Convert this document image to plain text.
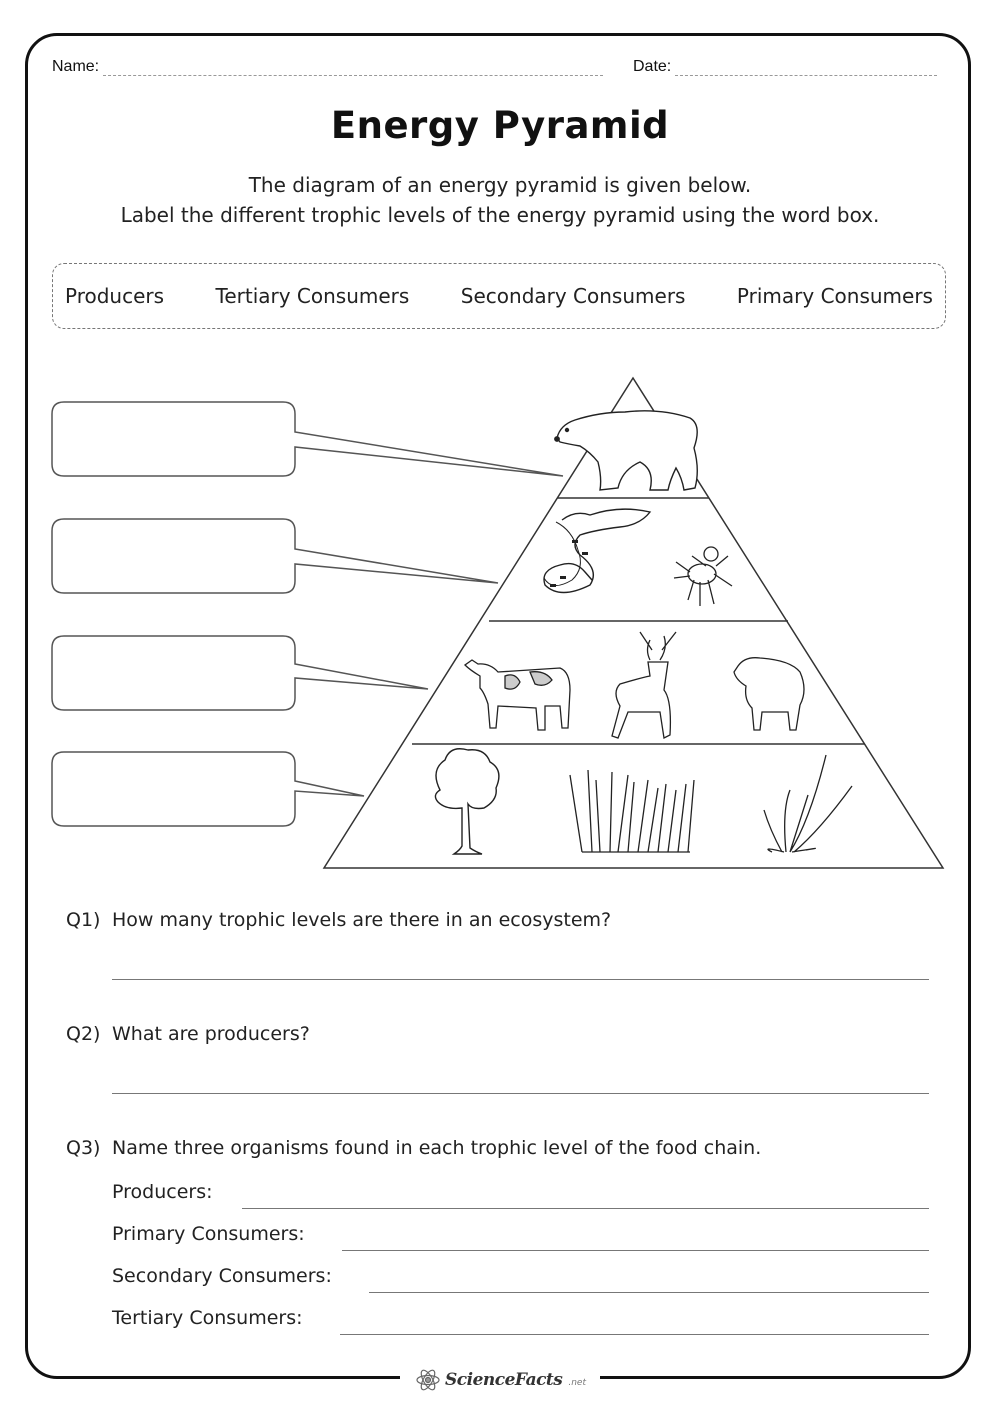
Name:	Date:
Energy Pyramid
The diagram of an energy pyramid is given below.
Label the different trophic levels of the energy pyramid using the word box.
Producers	Tertiary Consumers	Secondary Consumers	Primary Consumers
Q1) How many trophic levels are there in an ecosystem?
Q2) What are producers?
Q3) Name three organisms found in each trophic level of the food chain.
Producers:
Primary Consumers:
Secondary Consumers:
Tertiary Consumers:
ScienceFacts .net
